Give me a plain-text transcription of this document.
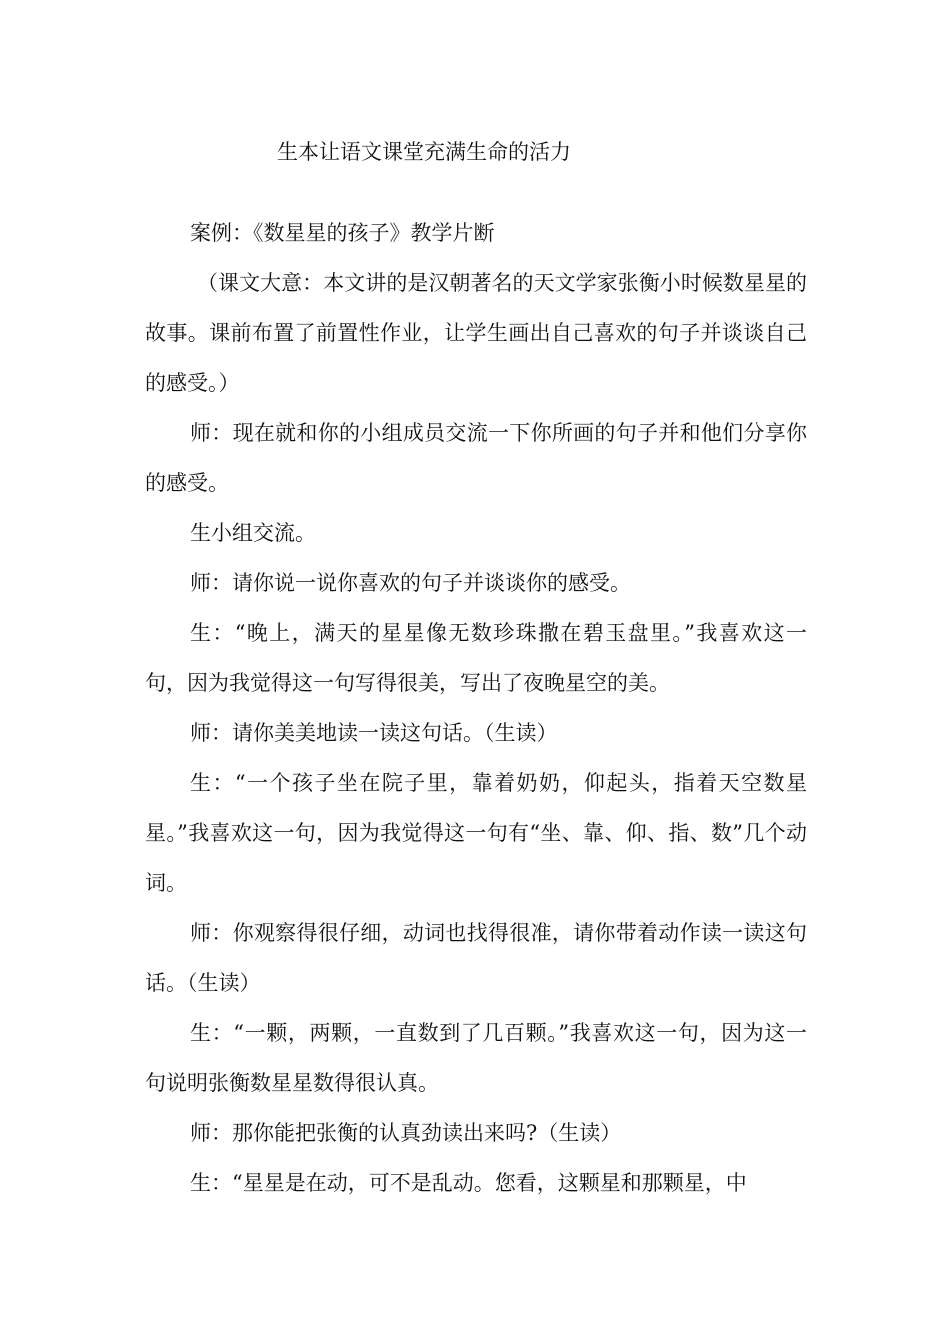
生本让语文课堂充满生命的活力

案例：《数星星的孩子》教学片断

（课文大意：本文讲的是汉朝著名的天文学家张衡小时候数星星的故事。课前布置了前置性作业，让学生画出自己喜欢的句子并谈谈自己的感受。）

师：现在就和你的小组成员交流一下你所画的句子并和他们分享你的感受。

生小组交流。

师：请你说一说你喜欢的句子并谈谈你的感受。

生：“晚上，满天的星星像无数珍珠撒在碧玉盘里。”我喜欢这一句，因为我觉得这一句写得很美，写出了夜晚星空的美。

师：请你美美地读一读这句话。（生读）

生：“一个孩子坐在院子里，靠着奶奶，仰起头，指着天空数星星。”我喜欢这一句，因为我觉得这一句有“坐、靠、仰、指、数”几个动词。

师：你观察得很仔细，动词也找得很准，请你带着动作读一读这句话。（生读）

生：“一颗，两颗，一直数到了几百颗。”我喜欢这一句，因为这一句说明张衡数星星数得很认真。

师：那你能把张衡的认真劲读出来吗?（生读）

生：“星星是在动，可不是乱动。您看，这颗星和那颗星，中
